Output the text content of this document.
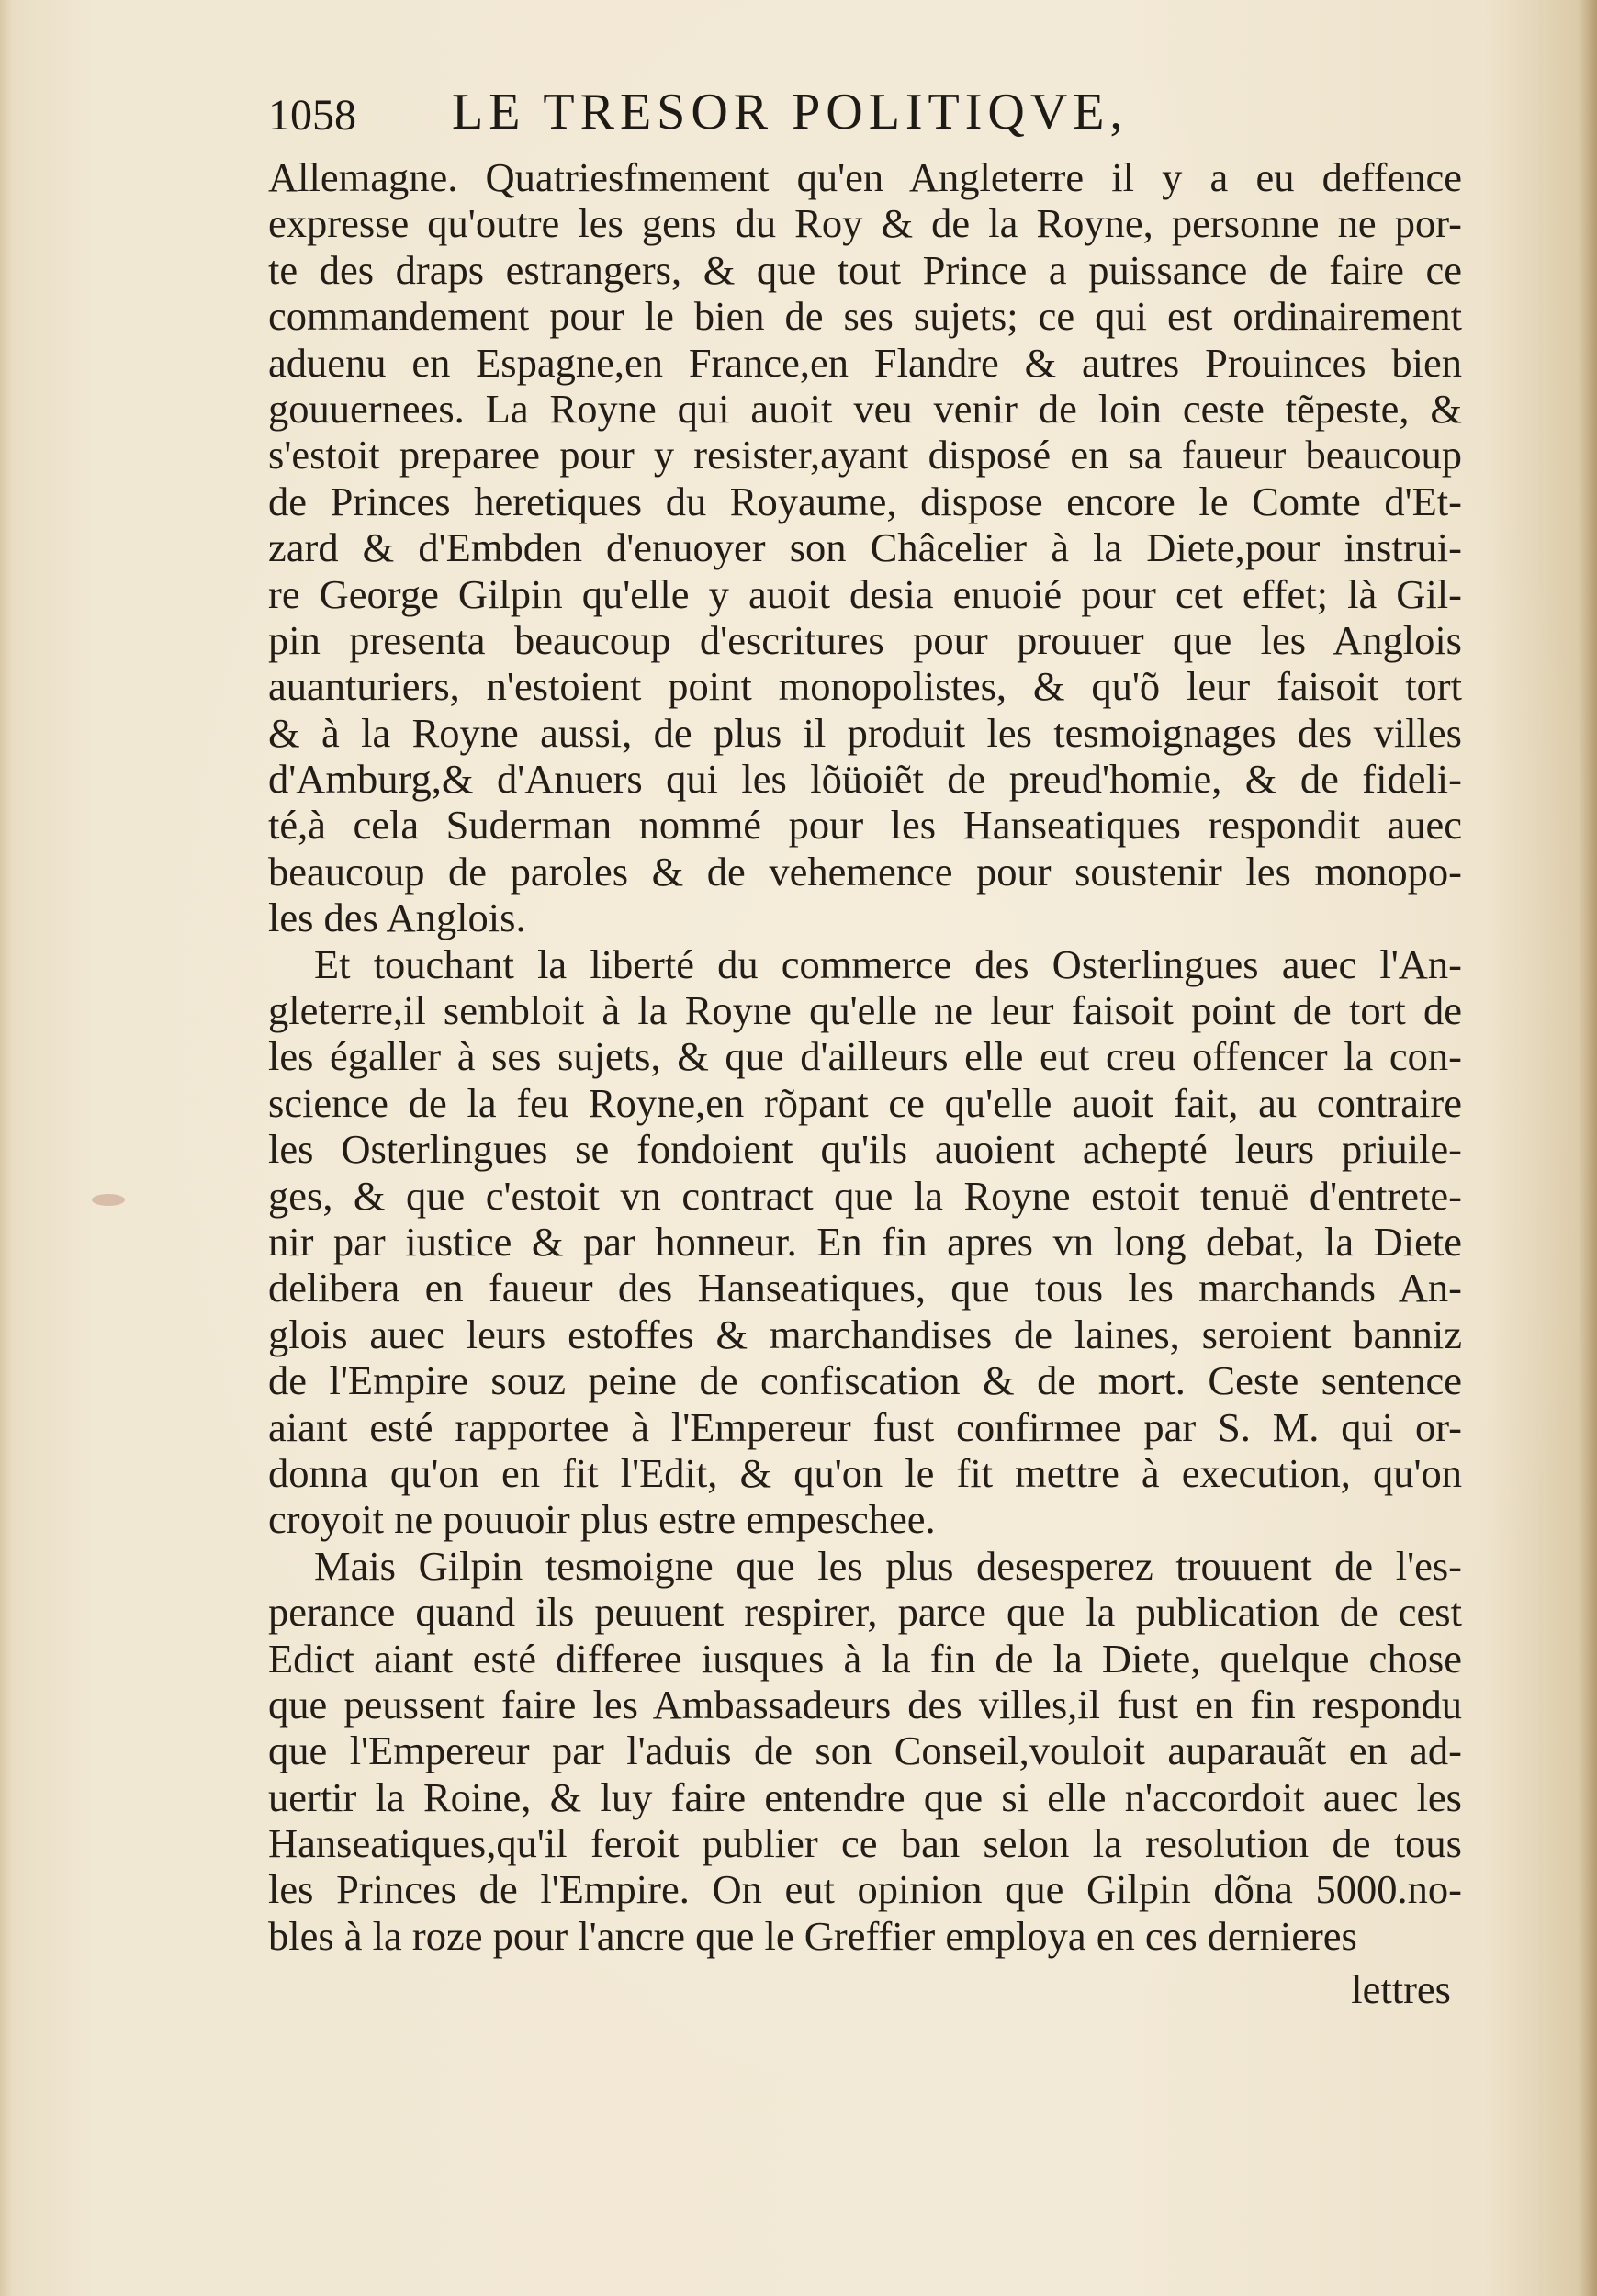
1058 LE TRESOR POLITIQVE,
Allemagne. Quatriesfmement qu'en Angleterre il y a eu deffence
expresse qu'outre les gens du Roy & de la Royne, personne ne por-
te des draps estrangers, & que tout Prince a puissance de faire ce
commandement pour le bien de ses sujets; ce qui est ordinairement
aduenu en Espagne,en France,en Flandre & autres Prouinces bien
gouuernees. La Royne qui auoit veu venir de loin ceste tẽpeste, &
s'estoit preparee pour y resister,ayant disposé en sa faueur beaucoup
de Princes heretiques du Royaume, dispose encore le Comte d'Et-
zard & d'Embden d'enuoyer son Châcelier à la Diete,pour instrui-
re George Gilpin qu'elle y auoit desia enuoié pour cet effet; là Gil-
pin presenta beaucoup d'escritures pour prouuer que les Anglois
auanturiers, n'estoient point monopolistes, & qu'õ leur faisoit tort
& à la Royne aussi, de plus il produit les tesmoignages des villes
d'Amburg,& d'Anuers qui les lõüoiẽt de preud'homie, & de fideli-
té,à cela Suderman nommé pour les Hanseatiques respondit auec
beaucoup de paroles & de vehemence pour soustenir les monopo-
les des Anglois.
Et touchant la liberté du commerce des Osterlingues auec l'An-
gleterre,il sembloit à la Royne qu'elle ne leur faisoit point de tort de
les égaller à ses sujets, & que d'ailleurs elle eut creu offencer la con-
science de la feu Royne,en rõpant ce qu'elle auoit fait, au contraire
les Osterlingues se fondoient qu'ils auoient achepté leurs priuile-
ges, & que c'estoit vn contract que la Royne estoit tenuë d'entrete-
nir par iustice & par honneur. En fin apres vn long debat, la Diete
delibera en faueur des Hanseatiques, que tous les marchands An-
glois auec leurs estoffes & marchandises de laines, seroient banniz
de l'Empire souz peine de confiscation & de mort. Ceste sentence
aiant esté rapportee à l'Empereur fust confirmee par S. M. qui or-
donna qu'on en fit l'Edit, & qu'on le fit mettre à execution, qu'on
croyoit ne pouuoir plus estre empeschee.
Mais Gilpin tesmoigne que les plus desesperez trouuent de l'es-
perance quand ils peuuent respirer, parce que la publication de cest
Edict aiant esté differee iusques à la fin de la Diete, quelque chose
que peussent faire les Ambassadeurs des villes,il fust en fin respondu
que l'Empereur par l'aduis de son Conseil,vouloit auparauãt en ad-
uertir la Roine, & luy faire entendre que si elle n'accordoit auec les
Hanseatiques,qu'il feroit publier ce ban selon la resolution de tous
les Princes de l'Empire. On eut opinion que Gilpin dõna 5000.no-
bles à la roze pour l'ancre que le Greffier employa en ces dernieres
lettres
